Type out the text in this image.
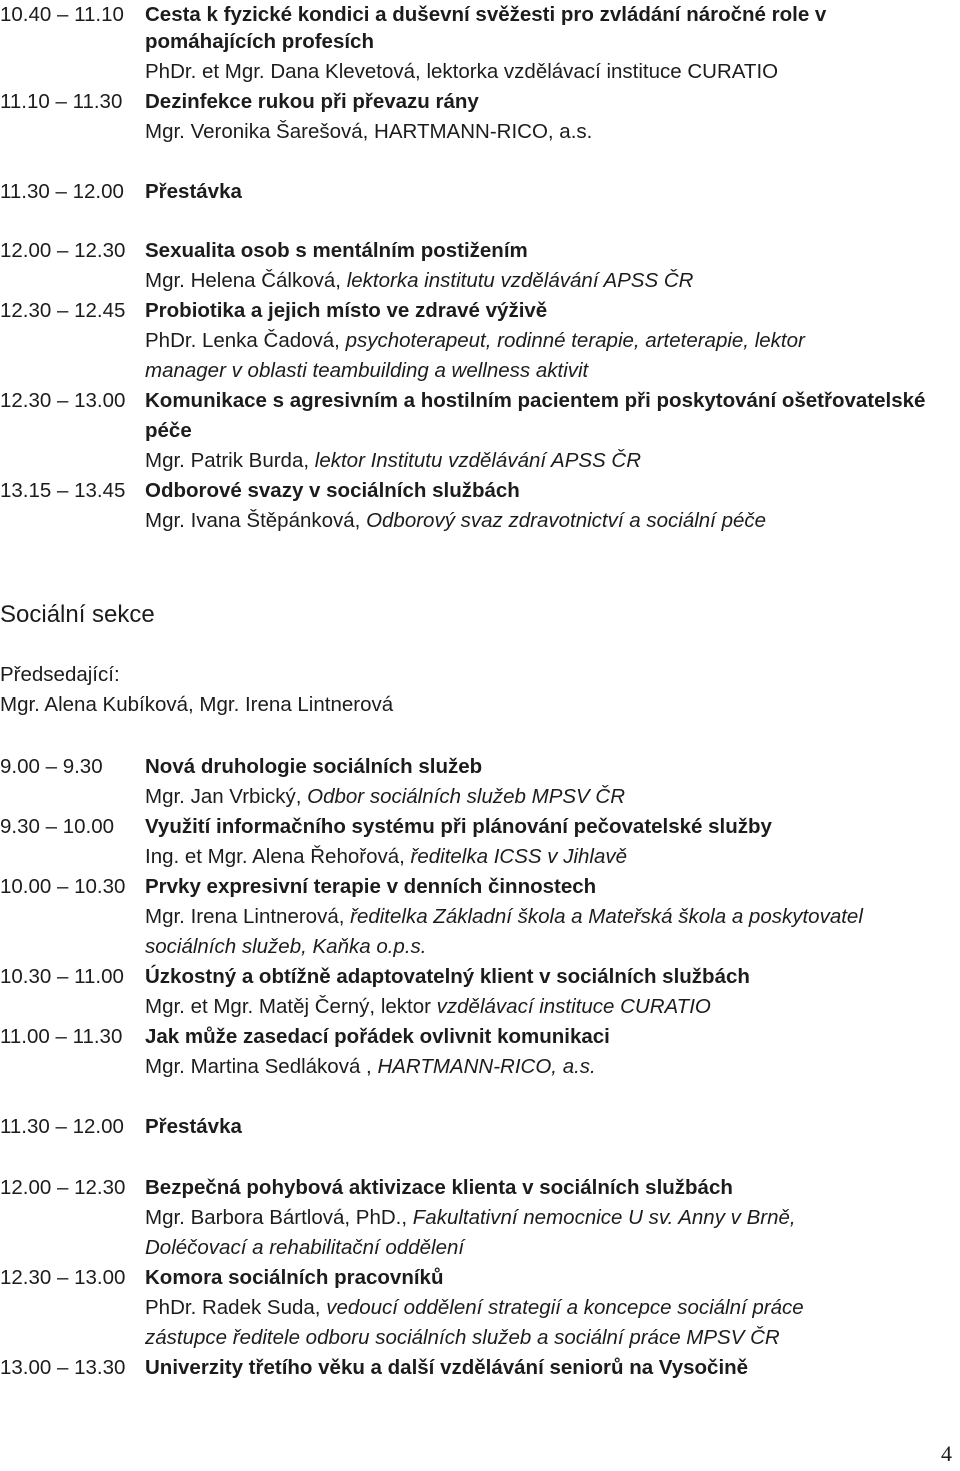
10.40 – 11.10 Cesta k fyzické kondici a duševní svěžesti pro zvládání náročné role v
pomáhajících profesích
PhDr. et Mgr. Dana Klevetová, lektorka vzdělávací instituce CURATIO
11.10 – 11.30 Dezinfekce rukou při převazu rány
Mgr. Veronika Šarešová, HARTMANN-RICO, a.s.
11.30 – 12.00 Přestávka
12.00 – 12.30 Sexualita osob s mentálním postižením
Mgr. Helena Čálková, lektorka institutu vzdělávání APSS ČR
12.30 – 12.45 Probiotika a jejich místo ve zdravé výživě
PhDr. Lenka Čadová, psychoterapeut, rodinné terapie, arteterapie, lektor
manager v oblasti teambuilding a wellness aktivit
12.30 – 13.00 Komunikace s agresivním a hostilním pacientem při poskytování ošetřovatelské
péče
Mgr. Patrik Burda, lektor Institutu vzdělávání APSS ČR
13.15 – 13.45 Odborové svazy v sociálních službách
Mgr. Ivana Štěpánková, Odborový svaz zdravotnictví a sociální péče
Sociální sekce
Předsedající:
Mgr. Alena Kubíková, Mgr. Irena Lintnerová
9.00 – 9.30 Nová druhologie sociálních služeb
Mgr. Jan Vrbický, Odbor sociálních služeb MPSV ČR
9.30 – 10.00 Využití informačního systému při plánování pečovatelské služby
Ing. et Mgr. Alena Řehořová, ředitelka ICSS v Jihlavě
10.00 – 10.30 Prvky expresivní terapie v denních činnostech
Mgr. Irena Lintnerová, ředitelka Základní škola a Mateřská škola a poskytovatel
sociálních služeb, Kaňka o.p.s.
10.30 – 11.00 Úzkostný a obtížně adaptovatelný klient v sociálních službách
Mgr. et Mgr. Matěj Černý, lektor vzdělávací instituce CURATIO
11.00 – 11.30 Jak může zasedací pořádek ovlivnit komunikaci
Mgr. Martina Sedláková , HARTMANN-RICO, a.s.
11.30 – 12.00 Přestávka
12.00 – 12.30 Bezpečná pohybová aktivizace klienta v sociálních službách
Mgr. Barbora Bártlová, PhD., Fakultativní nemocnice U sv. Anny v Brně,
Doléčovací a rehabilitační oddělení
12.30 – 13.00 Komora sociálních pracovníků
PhDr. Radek Suda, vedoucí oddělení strategií a koncepce sociální práce
zástupce ředitele odboru sociálních služeb a sociální práce MPSV ČR
13.00 – 13.30 Univerzity třetího věku a další vzdělávání seniorů na Vysočině
4
